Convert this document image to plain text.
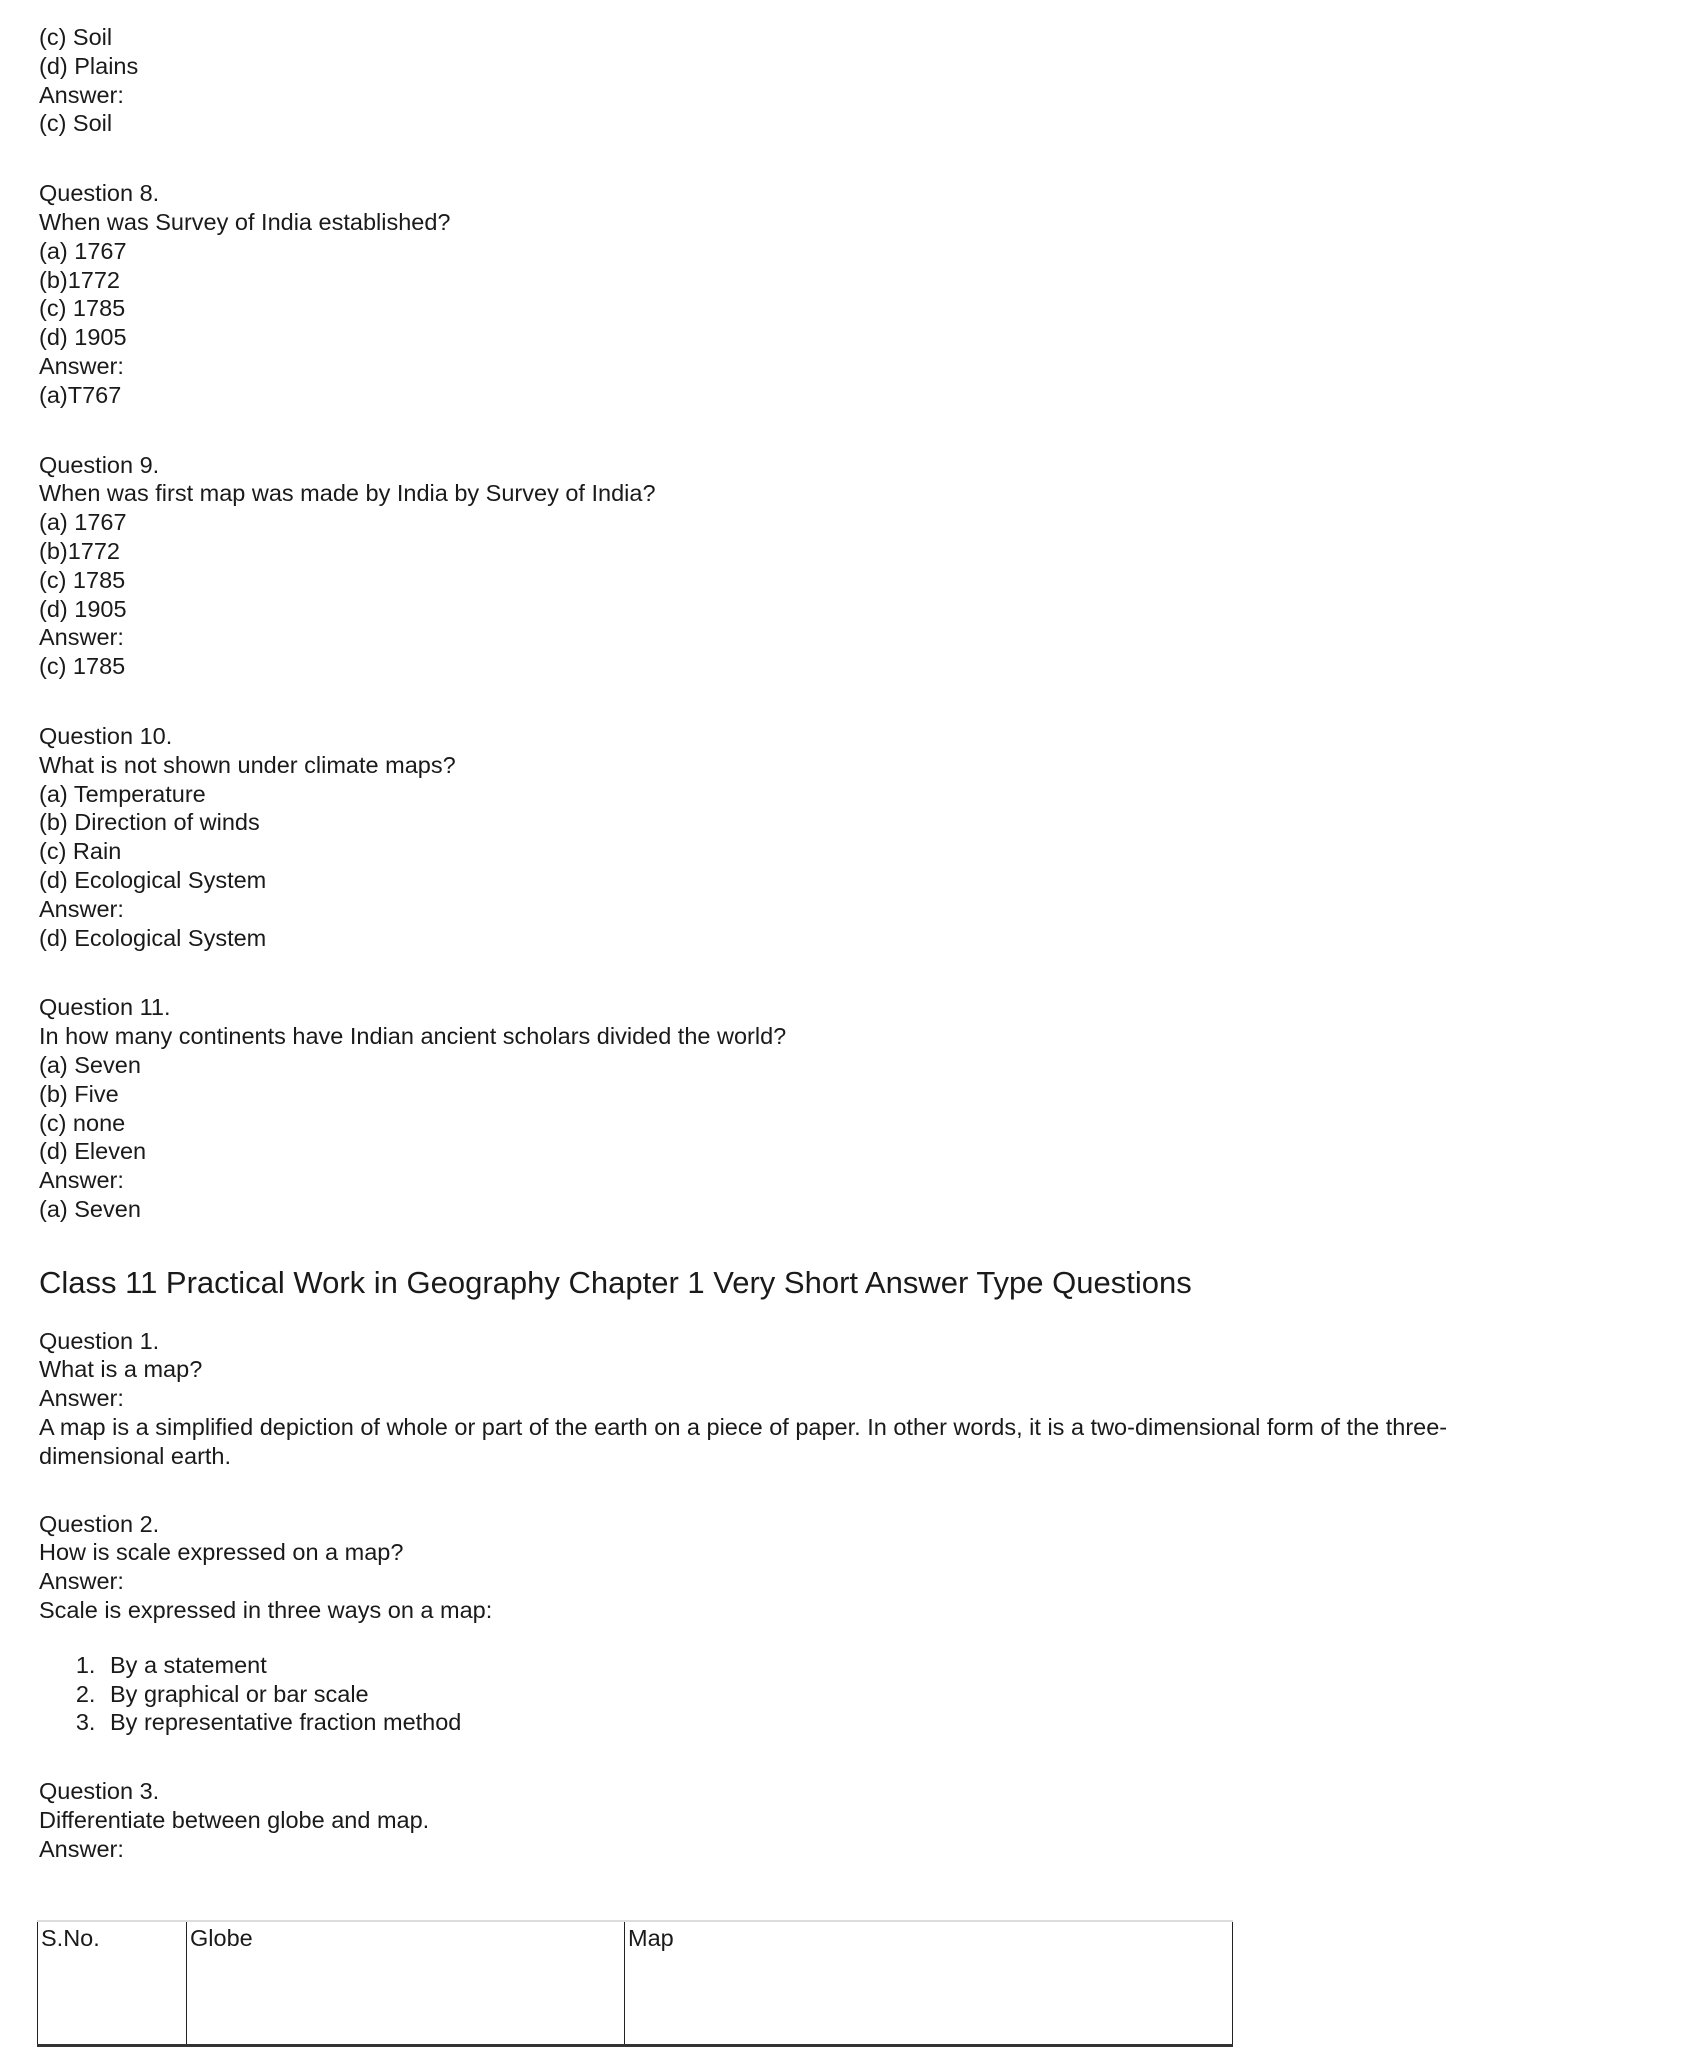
(c) Soil
(d) Plains
Answer:
(c) Soil
Question 8.
When was Survey of India established?
(a) 1767
(b)1772
(c) 1785
(d) 1905
Answer:
(a)T767
Question 9.
When was first map was made by India by Survey of India?
(a) 1767
(b)1772
(c) 1785
(d) 1905
Answer:
(c) 1785
Question 10.
What is not shown under climate maps?
(a) Temperature
(b) Direction of winds
(c) Rain
(d) Ecological System
Answer:
(d) Ecological System
Question 11.
In how many continents have Indian ancient scholars divided the world?
(a) Seven
(b) Five
(c) none
(d) Eleven
Answer:
(a) Seven
Class 11 Practical Work in Geography Chapter 1 Very Short Answer Type Questions
Question 1.
What is a map?
Answer:
A map is a simplified depiction of whole or part of the earth on a piece of paper. In other words, it is a two-dimensional form of the three-dimensional earth.
Question 2.
How is scale expressed on a map?
Answer:
Scale is expressed in three ways on a map:
1. By a statement
2. By graphical or bar scale
3. By representative fraction method
Question 3.
Differentiate between globe and map.
Answer:
S.No.	Globe	Map
